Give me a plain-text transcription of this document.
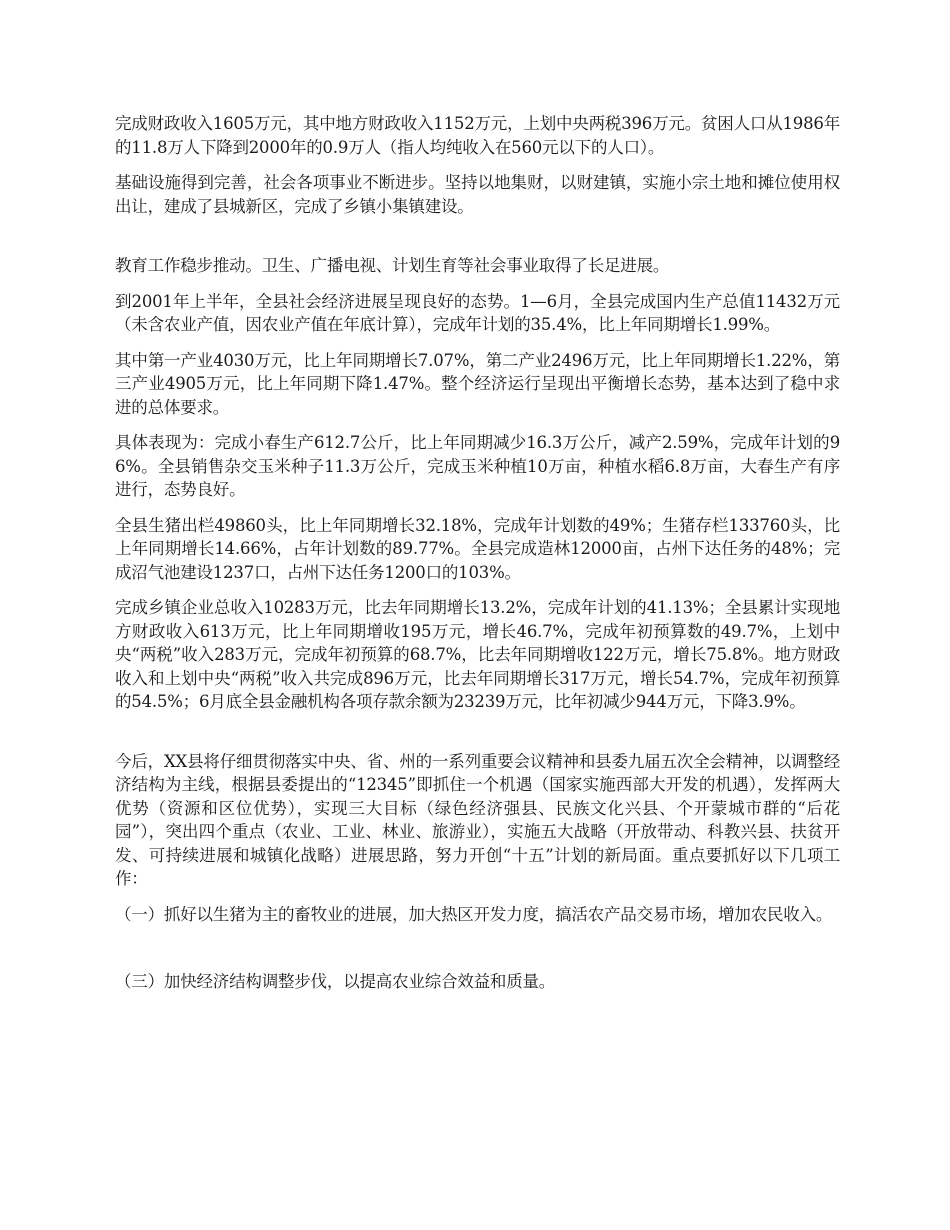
完成财政收入1605万元，其中地方财政收入1152万元，上划中央两税396万元。贫困人口从1986年的11.8万人下降到2000年的0.9万人（指人均纯收入在560元以下的人口）。

基础设施得到完善，社会各项事业不断进步。坚持以地集财，以财建镇，实施小宗土地和摊位使用权出让，建成了县城新区，完成了乡镇小集镇建设。

教育工作稳步推动。卫生、广播电视、计划生育等社会事业取得了长足进展。

到2001年上半年，全县社会经济进展呈现良好的态势。1—6月，全县完成国内生产总值11432万元（未含农业产值，因农业产值在年底计算），完成年计划的35.4%，比上年同期增长1.99%。

其中第一产业4030万元，比上年同期增长7.07%，第二产业2496万元，比上年同期增长1.22%，第三产业4905万元，比上年同期下降1.47%。整个经济运行呈现出平衡增长态势，基本达到了稳中求进的总体要求。

具体表现为：完成小春生产612.7公斤，比上年同期减少16.3万公斤，减产2.59%，完成年计划的96%。全县销售杂交玉米种子11.3万公斤，完成玉米种植10万亩，种植水稻6.8万亩，大春生产有序进行，态势良好。

全县生猪出栏49860头，比上年同期增长32.18%，完成年计划数的49%；生猪存栏133760头，比上年同期增长14.66%，占年计划数的89.77%。全县完成造林12000亩，占州下达任务的48%；完成沼气池建设1237口，占州下达任务1200口的103%。

完成乡镇企业总收入10283万元，比去年同期增长13.2%，完成年计划的41.13%；全县累计实现地方财政收入613万元，比上年同期增收195万元，增长46.7%，完成年初预算数的49.7%，上划中央“两税”收入283万元，完成年初预算的68.7%，比去年同期增收122万元，增长75.8%。地方财政收入和上划中央“两税”收入共完成896万元，比去年同期增长317万元，增长54.7%，完成年初预算的54.5%；6月底全县金融机构各项存款余额为23239万元，比年初减少944万元，下降3.9%。

今后，XX县将仔细贯彻落实中央、省、州的一系列重要会议精神和县委九届五次全会精神，以调整经济结构为主线，根据县委提出的“12345”即抓住一个机遇（国家实施西部大开发的机遇），发挥两大优势（资源和区位优势），实现三大目标（绿色经济强县、民族文化兴县、个开蒙城市群的“后花园”），突出四个重点（农业、工业、林业、旅游业），实施五大战略（开放带动、科教兴县、扶贫开发、可持续进展和城镇化战略）进展思路，努力开创“十五”计划的新局面。重点要抓好以下几项工作：

（一）抓好以生猪为主的畜牧业的进展，加大热区开发力度，搞活农产品交易市场，增加农民收入。

（三）加快经济结构调整步伐，以提高农业综合效益和质量。
